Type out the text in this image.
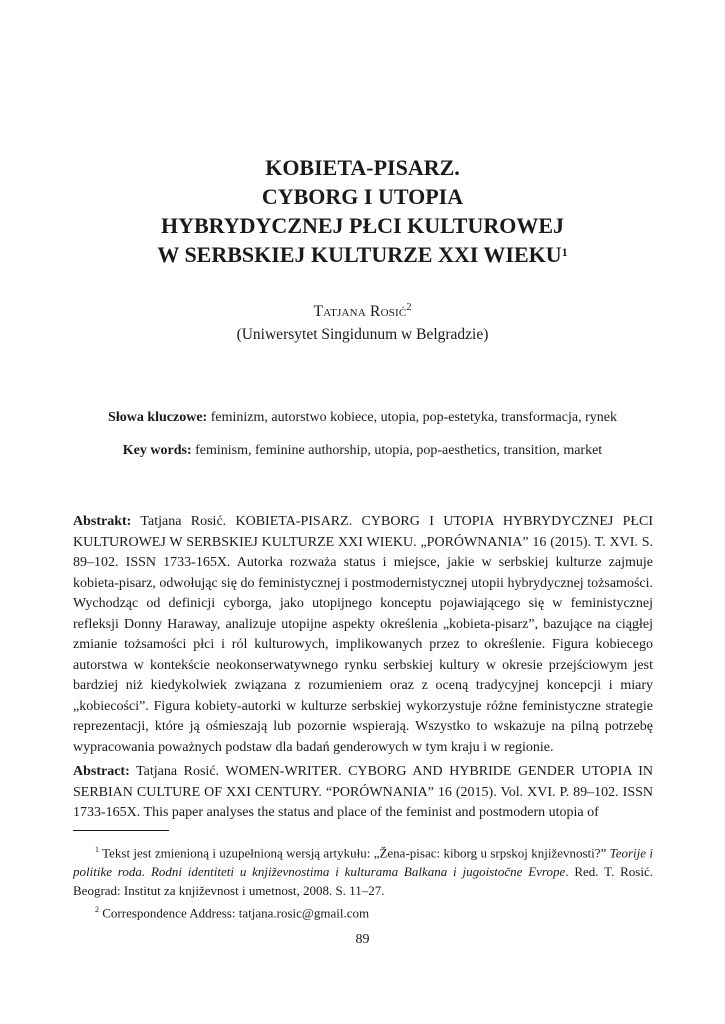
KOBIETA-PISARZ.
CYBORG I UTOPIA
HYBRYDYCZNEJ PŁCI KULTUROWEJ
W SERBSKIEJ KULTURZE XXI WIEKU$^1$
Tatjana Rosić$^2$
(Uniwersytet Singidunum w Belgradzie)
Słowa kluczowe: feminizm, autorstwo kobiece, utopia, pop-estetyka, transformacja, rynek
Key words: feminism, feminine authorship, utopia, pop-aesthetics, transition, market
Abstrakt: Tatjana Rosić. KOBIETA-PISARZ. CYBORG I UTOPIA HYBRYDYCZNEJ PŁCI KULTUROWEJ W SERBSKIEJ KULTURZE XXI WIEKU. „PORÓWNANIA” 16 (2015). T. XVI. S. 89–102. ISSN 1733-165X. Autorka rozważa status i miejsce, jakie w serbskiej kulturze zajmuje kobieta-pisarz, odwołując się do feministycznej i postmodernistycznej utopii hybrydycznej tożsamości. Wychodząc od definicji cyborga, jako utopijnego konceptu pojawiającego się w feministycznej refleksji Donny Haraway, analizuje utopijne aspekty określenia „kobieta-pisarz”, bazujące na ciągłej zmianie tożsamości płci i ról kulturowych, implikowanych przez to określenie. Figura kobiecego autorstwa w kontekście neokonserwatywnego rynku serbskiej kultury w okresie przejściowym jest bardziej niż kiedykolwiek związana z rozumieniem oraz z oceną tradycyjnej koncepcji i miary „kobiecości”. Figura kobiety-autorki w kulturze serbskiej wykorzystuje różne feministyczne strategie reprezentacji, które ją ośmieszają lub pozornie wspierają. Wszystko to wskazuje na pilną potrzebę wypracowania poważnych podstaw dla badań genderowych w tym kraju i w regionie.
Abstract: Tatjana Rosić. WOMEN-WRITER. CYBORG AND HYBRIDE GENDER UTOPIA IN SERBIAN CULTURE OF XXI CENTURY. “PORÓWNANIA” 16 (2015). Vol. XVI. P. 89–102. ISSN 1733-165X. This paper analyses the status and place of the feminist and postmodern utopia of

$^1$ Tekst jest zmienioną i uzupełnioną wersją artykułu: „Žena-pisac: kiborg u srpskoj književnosti?” Teorije i politike roda. Rodni identiteti u književnostima i kulturama Balkana i jugoistočne Evrope. Red. T. Rosić. Beograd: Institut za književnost i umetnost, 2008. S. 11–27.

$^2$ Correspondence Address: tatjana.rosic@gmail.com

89
